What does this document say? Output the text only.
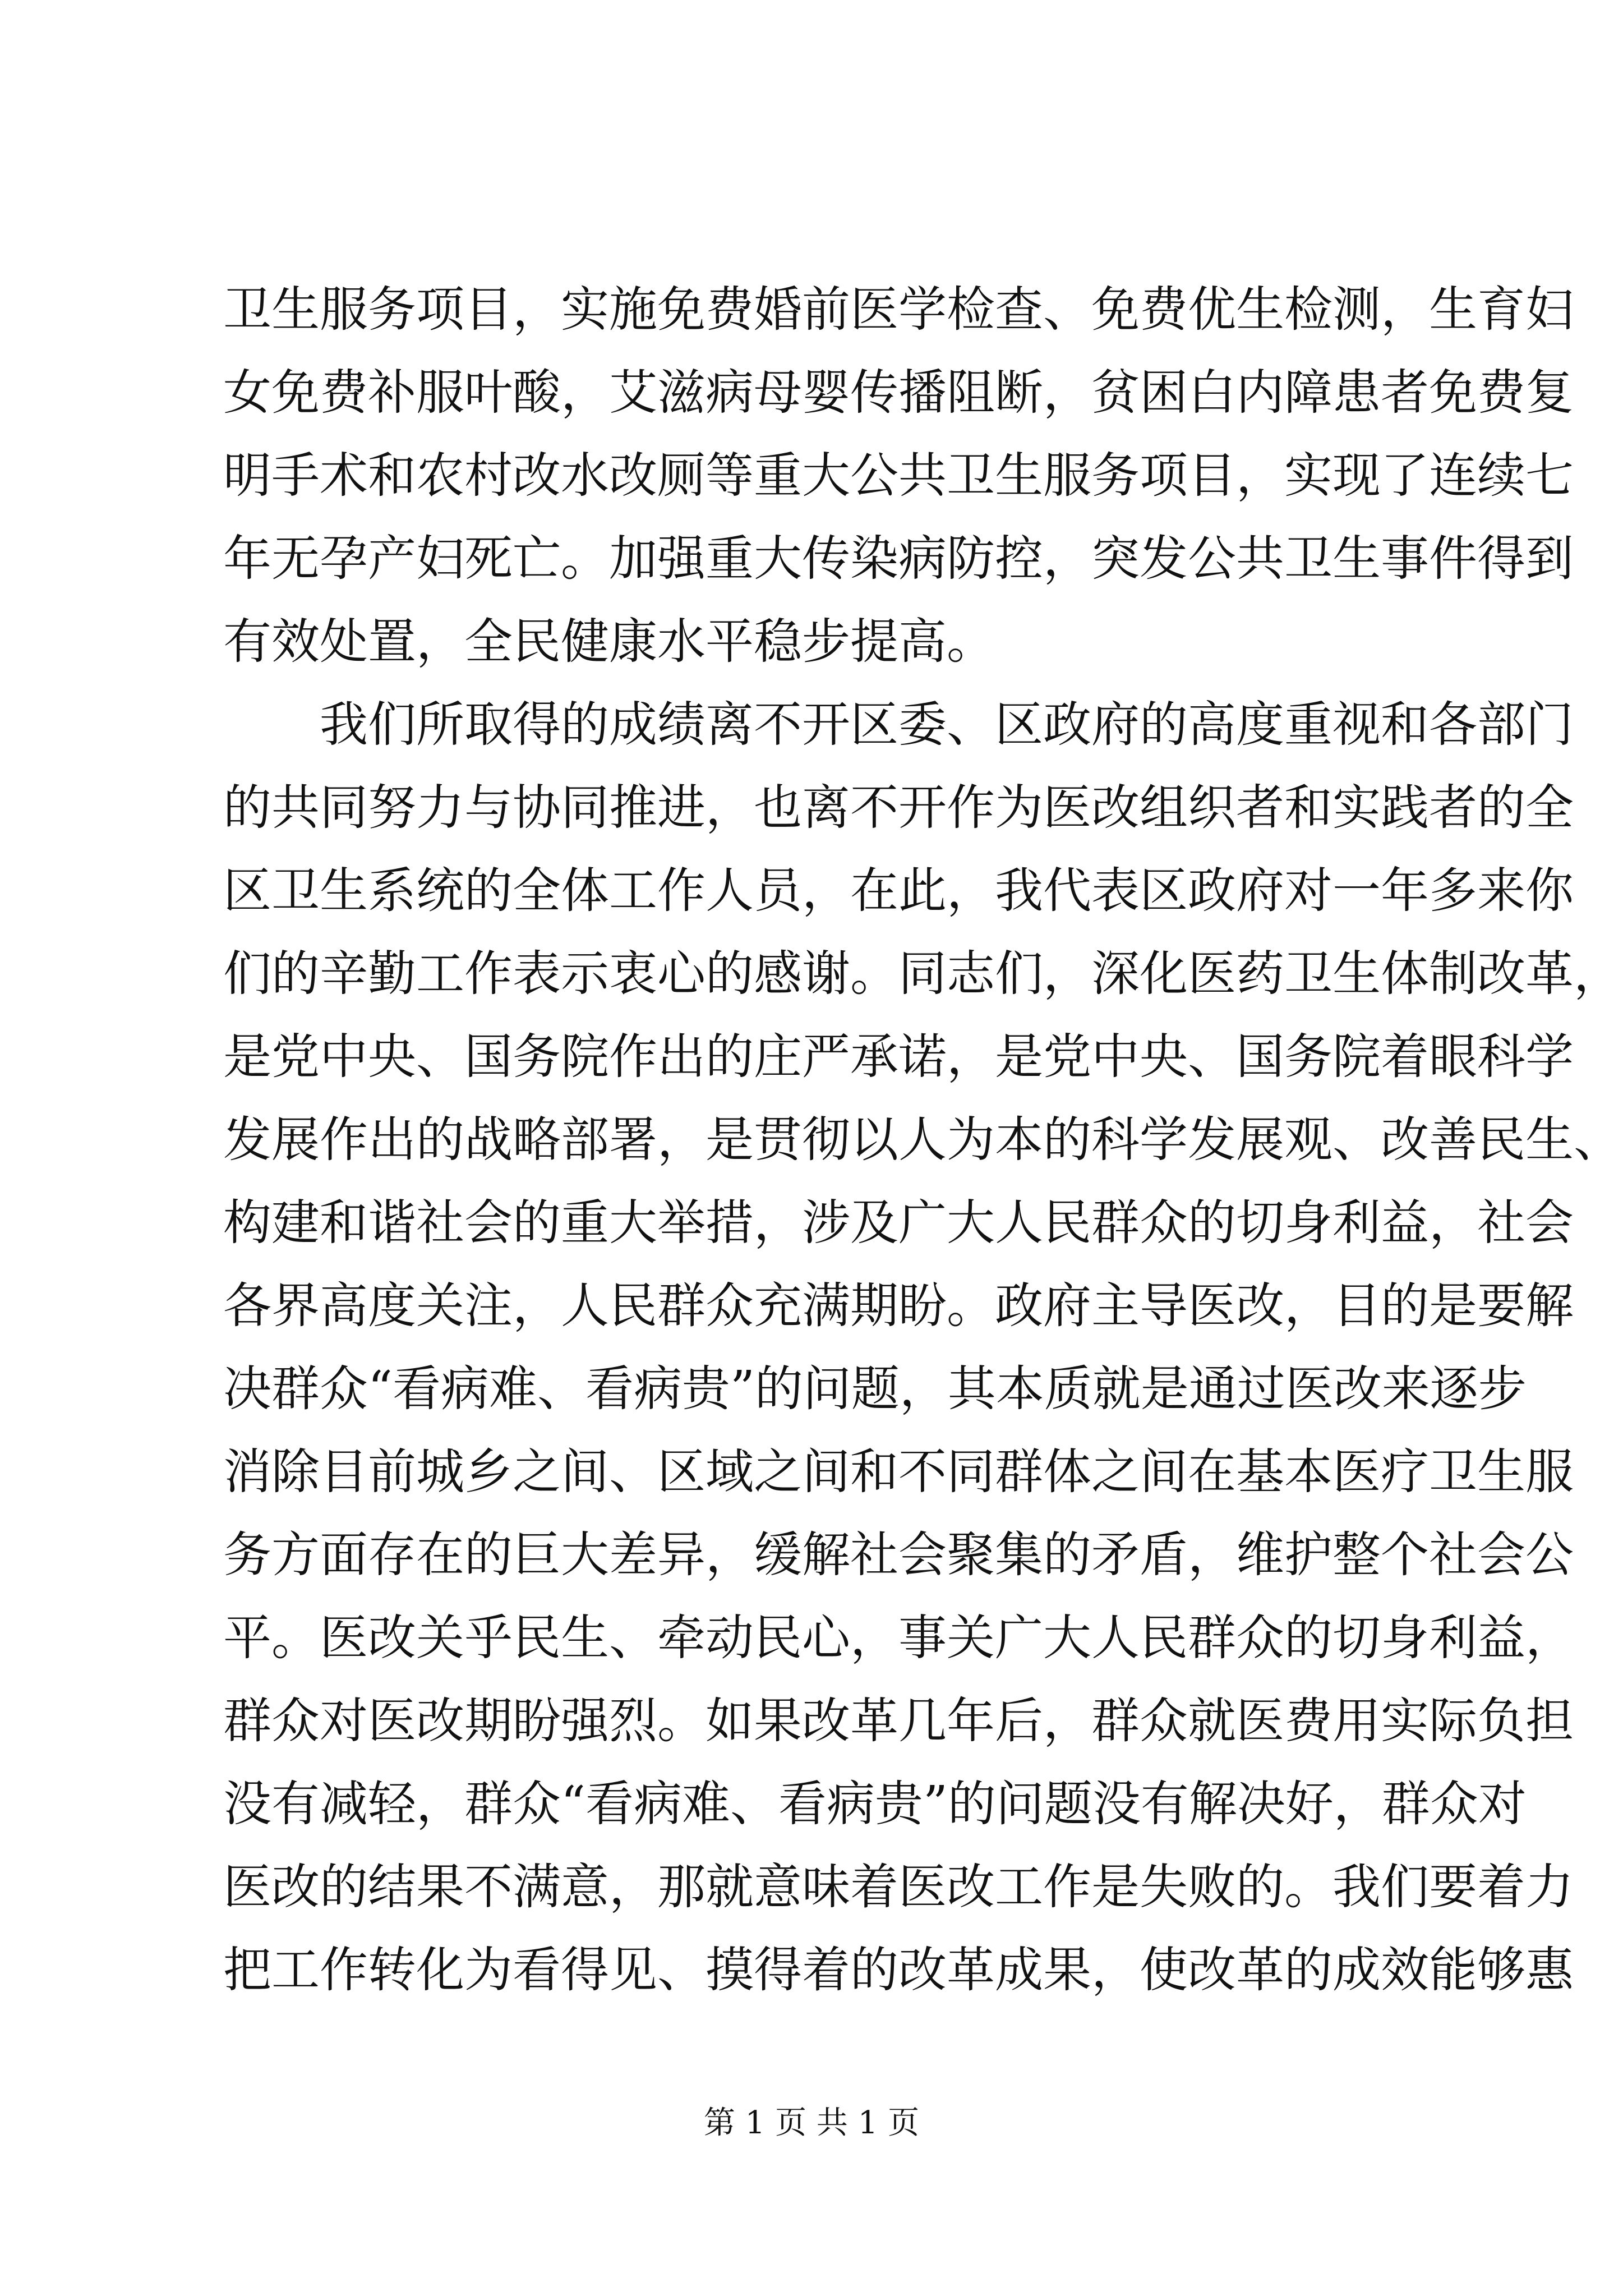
卫生服务项目，实施免费婚前医学检查、免费优生检测，生育妇
女免费补服叶酸，艾滋病母婴传播阻断，贫困白内障患者免费复
明手术和农村改水改厕等重大公共卫生服务项目，实现了连续七
年无孕产妇死亡。加强重大传染病防控，突发公共卫生事件得到
有效处置，全民健康水平稳步提高。
　　我们所取得的成绩离不开区委、区政府的高度重视和各部门
的共同努力与协同推进，也离不开作为医改组织者和实践者的全
区卫生系统的全体工作人员，在此，我代表区政府对一年多来你
们的辛勤工作表示衷心的感谢。同志们，深化医药卫生体制改革，
是党中央、国务院作出的庄严承诺，是党中央、国务院着眼科学
发展作出的战略部署，是贯彻以人为本的科学发展观、改善民生、
构建和谐社会的重大举措，涉及广大人民群众的切身利益，社会
各界高度关注，人民群众充满期盼。政府主导医改，目的是要解
决群众“看病难、看病贵”的问题，其本质就是通过医改来逐步
消除目前城乡之间、区域之间和不同群体之间在基本医疗卫生服
务方面存在的巨大差异，缓解社会聚集的矛盾，维护整个社会公
平。医改关乎民生、牵动民心，事关广大人民群众的切身利益，
群众对医改期盼强烈。如果改革几年后，群众就医费用实际负担
没有减轻，群众“看病难、看病贵”的问题没有解决好，群众对
医改的结果不满意，那就意味着医改工作是失败的。我们要着力
把工作转化为看得见、摸得着的改革成果，使改革的成效能够惠
第 1 页 共 1 页
